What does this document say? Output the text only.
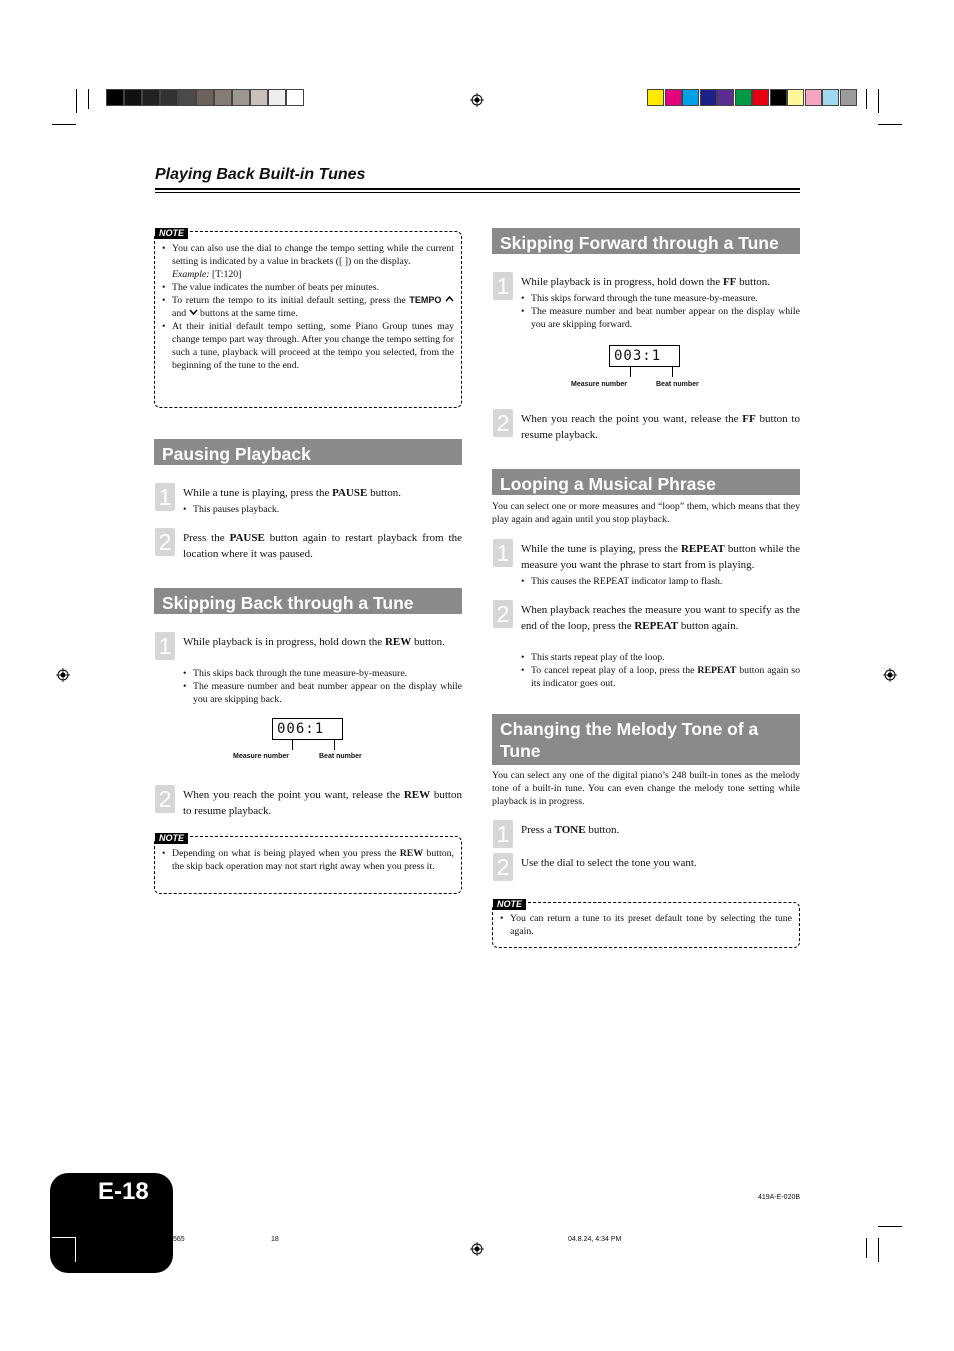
Playing Back Built-in Tunes
NOTE
• You can also use the dial to change the tempo setting while the current setting is indicated by a value in brackets ([ ]) on the display.
Example: [T:120]
• The value indicates the number of beats per minutes.
• To return the tempo to its initial default setting, press the TEMPO  and  buttons at the same time.
• At their initial default tempo setting, some Piano Group tunes may change tempo part way through. After you change the tempo setting for such a tune, playback will proceed at the tempo you selected, from the beginning of the tune to the end.
Pausing Playback
1	While a tune is playing, press the PAUSE button.
• This pauses playback.
2	Press the PAUSE button again to restart playback from the location where it was paused.
Skipping Back through a Tune
1	While playback is in progress, hold down the REW button.
• This skips back through the tune measure-by-measure.
• The measure number and beat number appear on the display while you are skipping back.
006:1
Measure number	Beat number
2	When you reach the point you want, release the REW button to resume playback.
NOTE
• Depending on what is being played when you press the REW button, the skip back operation may not start right away when you press it.
Skipping Forward through a Tune
1	While playback is in progress, hold down the FF button.
• This skips forward through the tune measure-by-measure.
• The measure number and beat number appear on the display while you are skipping forward.
003:1
Measure number	Beat number
2	When you reach the point you want, release the FF button to resume playback.
Looping a Musical Phrase
You can select one or more measures and “loop” them, which means that they play again and again until you stop playback.
1	While the tune is playing, press the REPEAT button while the measure you want the phrase to start from is playing.
• This causes the REPEAT indicator lamp to flash.
2	When playback reaches the measure you want to specify as the end of the loop, press the REPEAT button again.
• This starts repeat play of the loop.
• To cancel repeat play of a loop, press the REPEAT button again so its indicator goes out.
Changing the Melody Tone of a
Tune
You can select any one of the digital piano’s 248 built-in tones as the melody tone of a built-in tune. You can even change the melody tone setting while playback is in progress.
1	Press a TONE button.
2	Use the dial to select the tone you want.
NOTE
• You can return a tune to its preset default tone by selecting the tune again.
E-18	419A-E-020B
565	18	04.8.24, 4:34 PM
